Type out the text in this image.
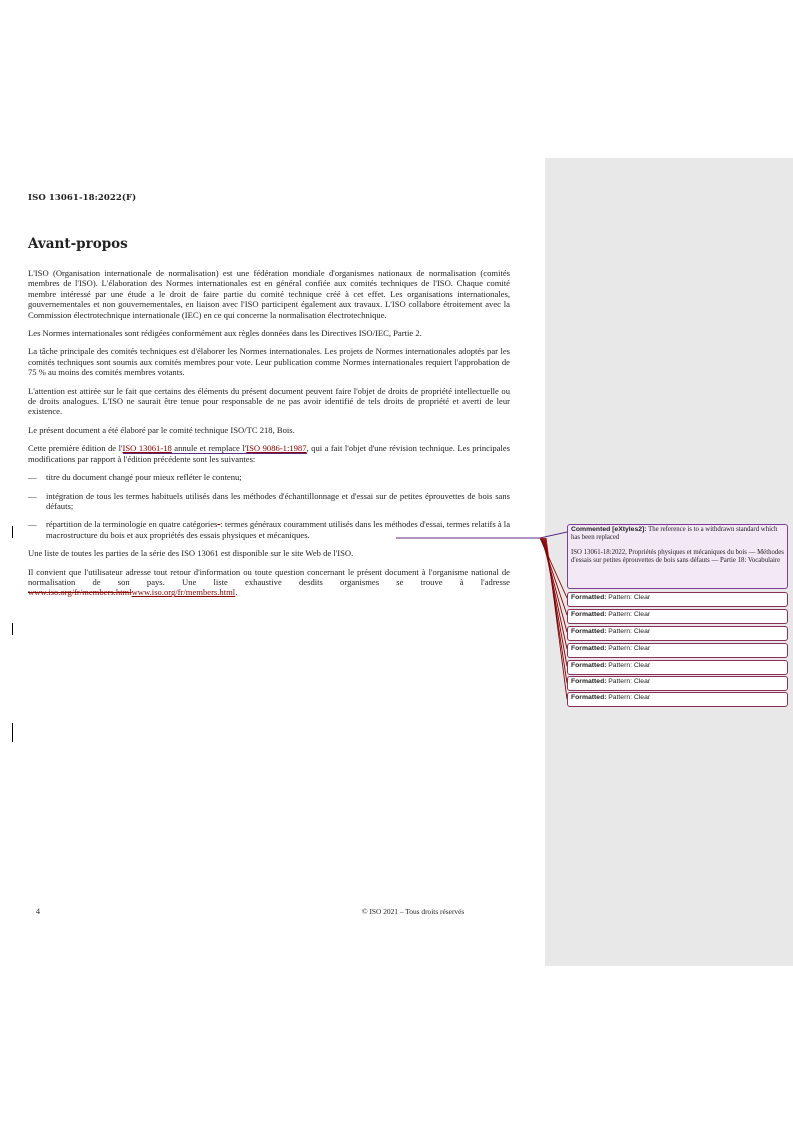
ISO 13061-18:2022(F)
Avant-propos

L'ISO (Organisation internationale de normalisation) est une fédération mondiale d'organismes nationaux de normalisation (comités membres de l'ISO). L'élaboration des Normes internationales est en général confiée aux comités techniques de l'ISO. Chaque comité membre intéressé par une étude a le droit de faire partie du comité technique créé à cet effet. Les organisations internationales, gouvernementales et non gouvernementales, en liaison avec l'ISO participent également aux travaux. L'ISO collabore étroitement avec la Commission électrotechnique internationale (IEC) en ce qui concerne la normalisation électrotechnique.

Les Normes internationales sont rédigées conformément aux règles données dans les Directives ISO/IEC, Partie 2.

La tâche principale des comités techniques est d'élaborer les Normes internationales. Les projets de Normes internationales adoptés par les comités techniques sont soumis aux comités membres pour vote. Leur publication comme Normes internationales requiert l'approbation de 75 % au moins des comités membres votants.

L'attention est attirée sur le fait que certains des éléments du présent document peuvent faire l'objet de droits de propriété intellectuelle ou de droits analogues. L'ISO ne saurait être tenue pour responsable de ne pas avoir identifié de tels droits de propriété et averti de leur existence.

Le présent document a été élaboré par le comité technique ISO/TC 218, Bois.

Cette première édition de l'ISO 13061-18 annule et remplace l'ISO 9086-1:1987, qui a fait l'objet d'une révision technique. Les principales modifications par rapport à l'édition précédente sont les suivantes:

— titre du document changé pour mieux refléter le contenu;
— intégration de tous les termes habituels utilisés dans les méthodes d'échantillonnage et d'essai sur de petites éprouvettes de bois sans défauts;
— répartition de la terminologie en quatre catégories-: termes généraux couramment utilisés dans les méthodes d'essai, termes relatifs à la macrostructure du bois et aux propriétés des essais physiques et mécaniques.

Une liste de toutes les parties de la série des ISO 13061 est disponible sur le site Web de l'ISO.

Il convient que l'utilisateur adresse tout retour d'information ou toute question concernant le présent document à l'organisme national de normalisation de son pays. Une liste exhaustive desdits organismes se trouve à l'adresse www.iso.org/fr/members.htmlwww.iso.org/fr/members.html.

4	© ISO 2021 – Tous droits réservés
Commented [eXtyles2]: The reference is to a withdrawn standard which has been replaced
ISO 13061-18:2022, Propriétés physiques et mécaniques du bois — Méthodes d'essais sur petites éprouvettes de bois sans défauts — Partie 18: Vocabulaire
Formatted: Pattern: Clear
Formatted: Pattern: Clear
Formatted: Pattern: Clear
Formatted: Pattern: Clear
Formatted: Pattern: Clear
Formatted: Pattern: Clear
Formatted: Pattern: Clear
